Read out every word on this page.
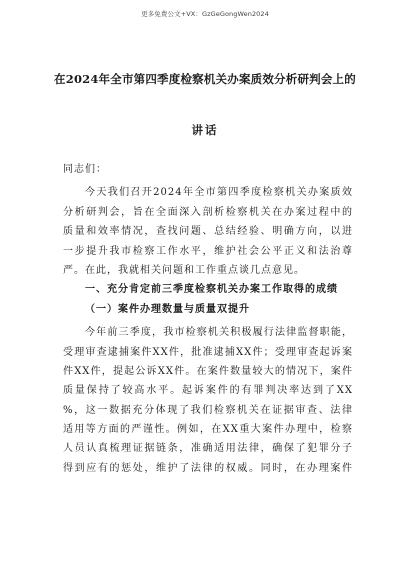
更多免费公文+VX：GzGeGongWen2024
在2024年全市第四季度检察机关办案质效分析研判会上的
讲话
同志们：
今天我们召开2024年全市第四季度检察机关办案质效
分析研判会，旨在全面深入剖析检察机关在办案过程中的
质量和效率情况，查找问题、总结经验、明确方向，以进
一步提升我市检察工作水平，维护社会公平正义和法治尊
严。在此，我就相关问题和工作重点谈几点意见。
一、充分肯定前三季度检察机关办案工作取得的成绩
（一）案件办理数量与质量双提升
今年前三季度，我市检察机关积极履行法律监督职能，
受理审查逮捕案件XX件，批准逮捕XX件；受理审查起诉案
件XX件，提起公诉XX件。在案件数量较大的情况下，案件
质量保持了较高水平。起诉案件的有罪判决率达到了XX
%，这一数据充分体现了我们检察机关在证据审查、法律
适用等方面的严谨性。例如，在XX重大案件办理中，检察
人员认真梳理证据链条，准确适用法律，确保了犯罪分子
得到应有的惩处，维护了法律的权威。同时，在办理案件
